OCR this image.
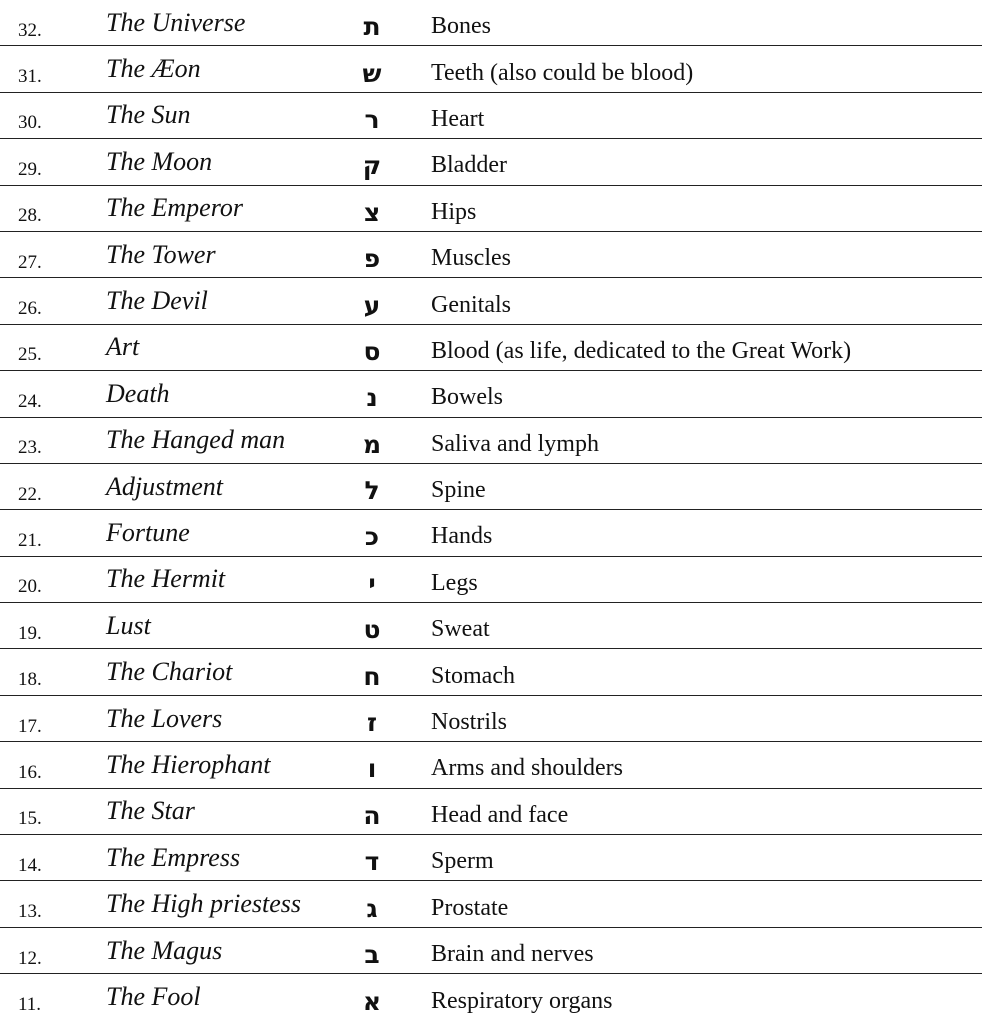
32. The Universe	ת	Bones
31. The Æon	ש	Teeth (also could be blood)
30. The Sun	ר	Heart
29. The Moon	ק	Bladder
28. The Emperor	צ	Hips
27. The Tower	פ	Muscles
26. The Devil	ע	Genitals
25. Art	ס	Blood (as life, dedicated to the Great Work)
24. Death	נ	Bowels
23. The Hanged man	מ	Saliva and lymph
22. Adjustment	ל	Spine
21. Fortune	כ	Hands
20. The Hermit	י	Legs
19. Lust	ט	Sweat
18. The Chariot	ח	Stomach
17. The Lovers	ז	Nostrils
16. The Hierophant	ו	Arms and shoulders
15. The Star	ה	Head and face
14. The Empress	ד	Sperm
13. The High priestess	ג	Prostate
12. The Magus	ב	Brain and nerves
11. The Fool	א	Respiratory organs
